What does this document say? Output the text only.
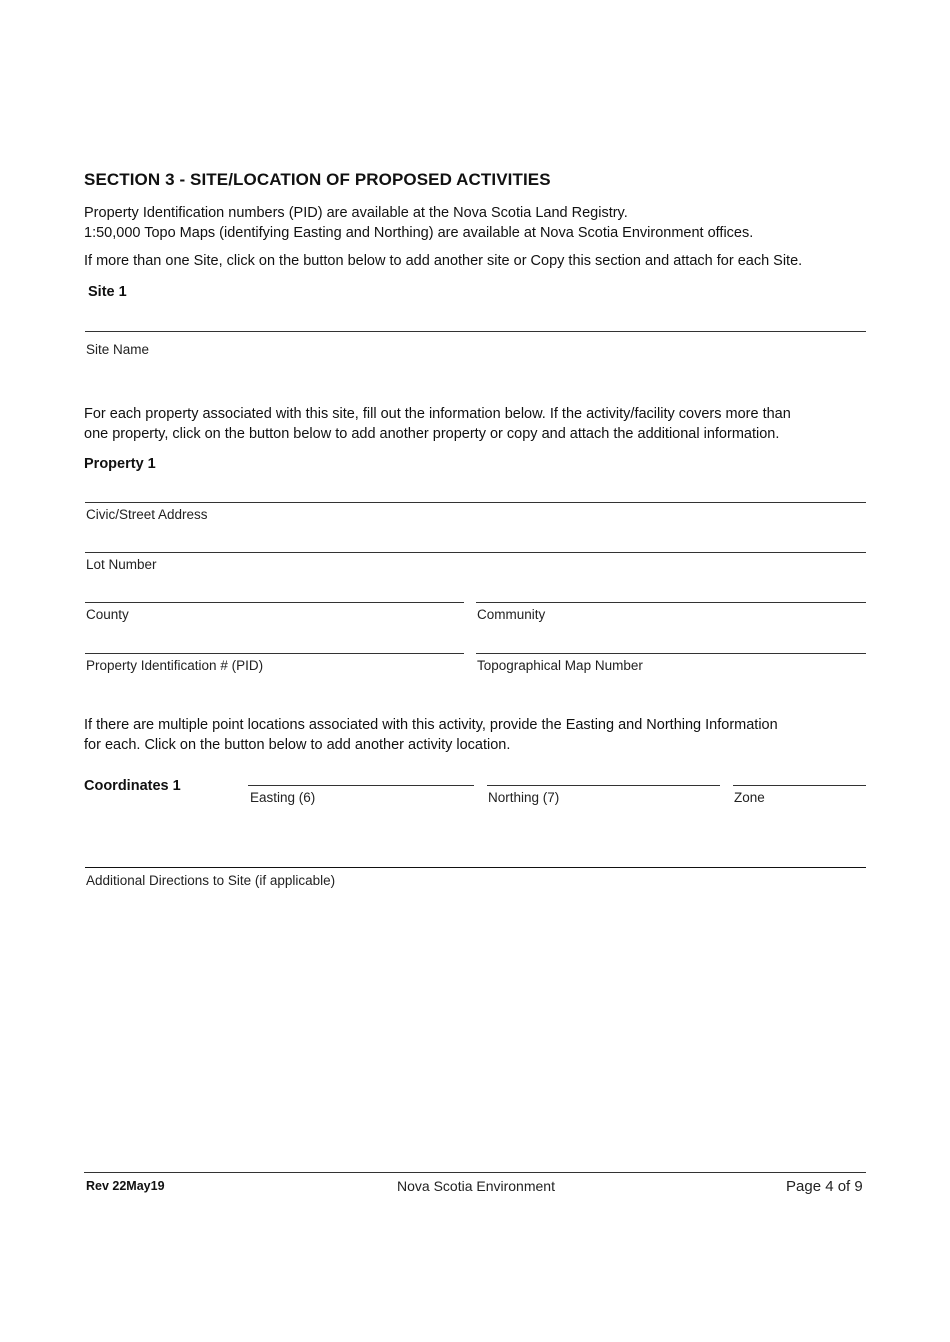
SECTION 3 - SITE/LOCATION OF PROPOSED ACTIVITIES
Property Identification numbers (PID) are available at the Nova Scotia Land Registry.
1:50,000 Topo Maps (identifying Easting and Northing) are available at Nova Scotia Environment offices.
If more than one Site, click on the button below to add another site or Copy this section and attach for each Site.
Site 1
Site Name
For each property associated with this site, fill out the information below. If the activity/facility covers more than
one property, click on the button below to add another property or copy and attach the additional information.
Property 1
Civic/Street Address
Lot Number
County	Community
Property Identification # (PID)	Topographical Map Number
If there are multiple point locations associated with this activity, provide the Easting and Northing Information
for each. Click on the button below to add another activity location.
Coordinates 1
Easting (6)	Northing (7)	Zone
Additional Directions to Site (if applicable)
Rev 22May19	Nova Scotia Environment	Page 4 of 9
